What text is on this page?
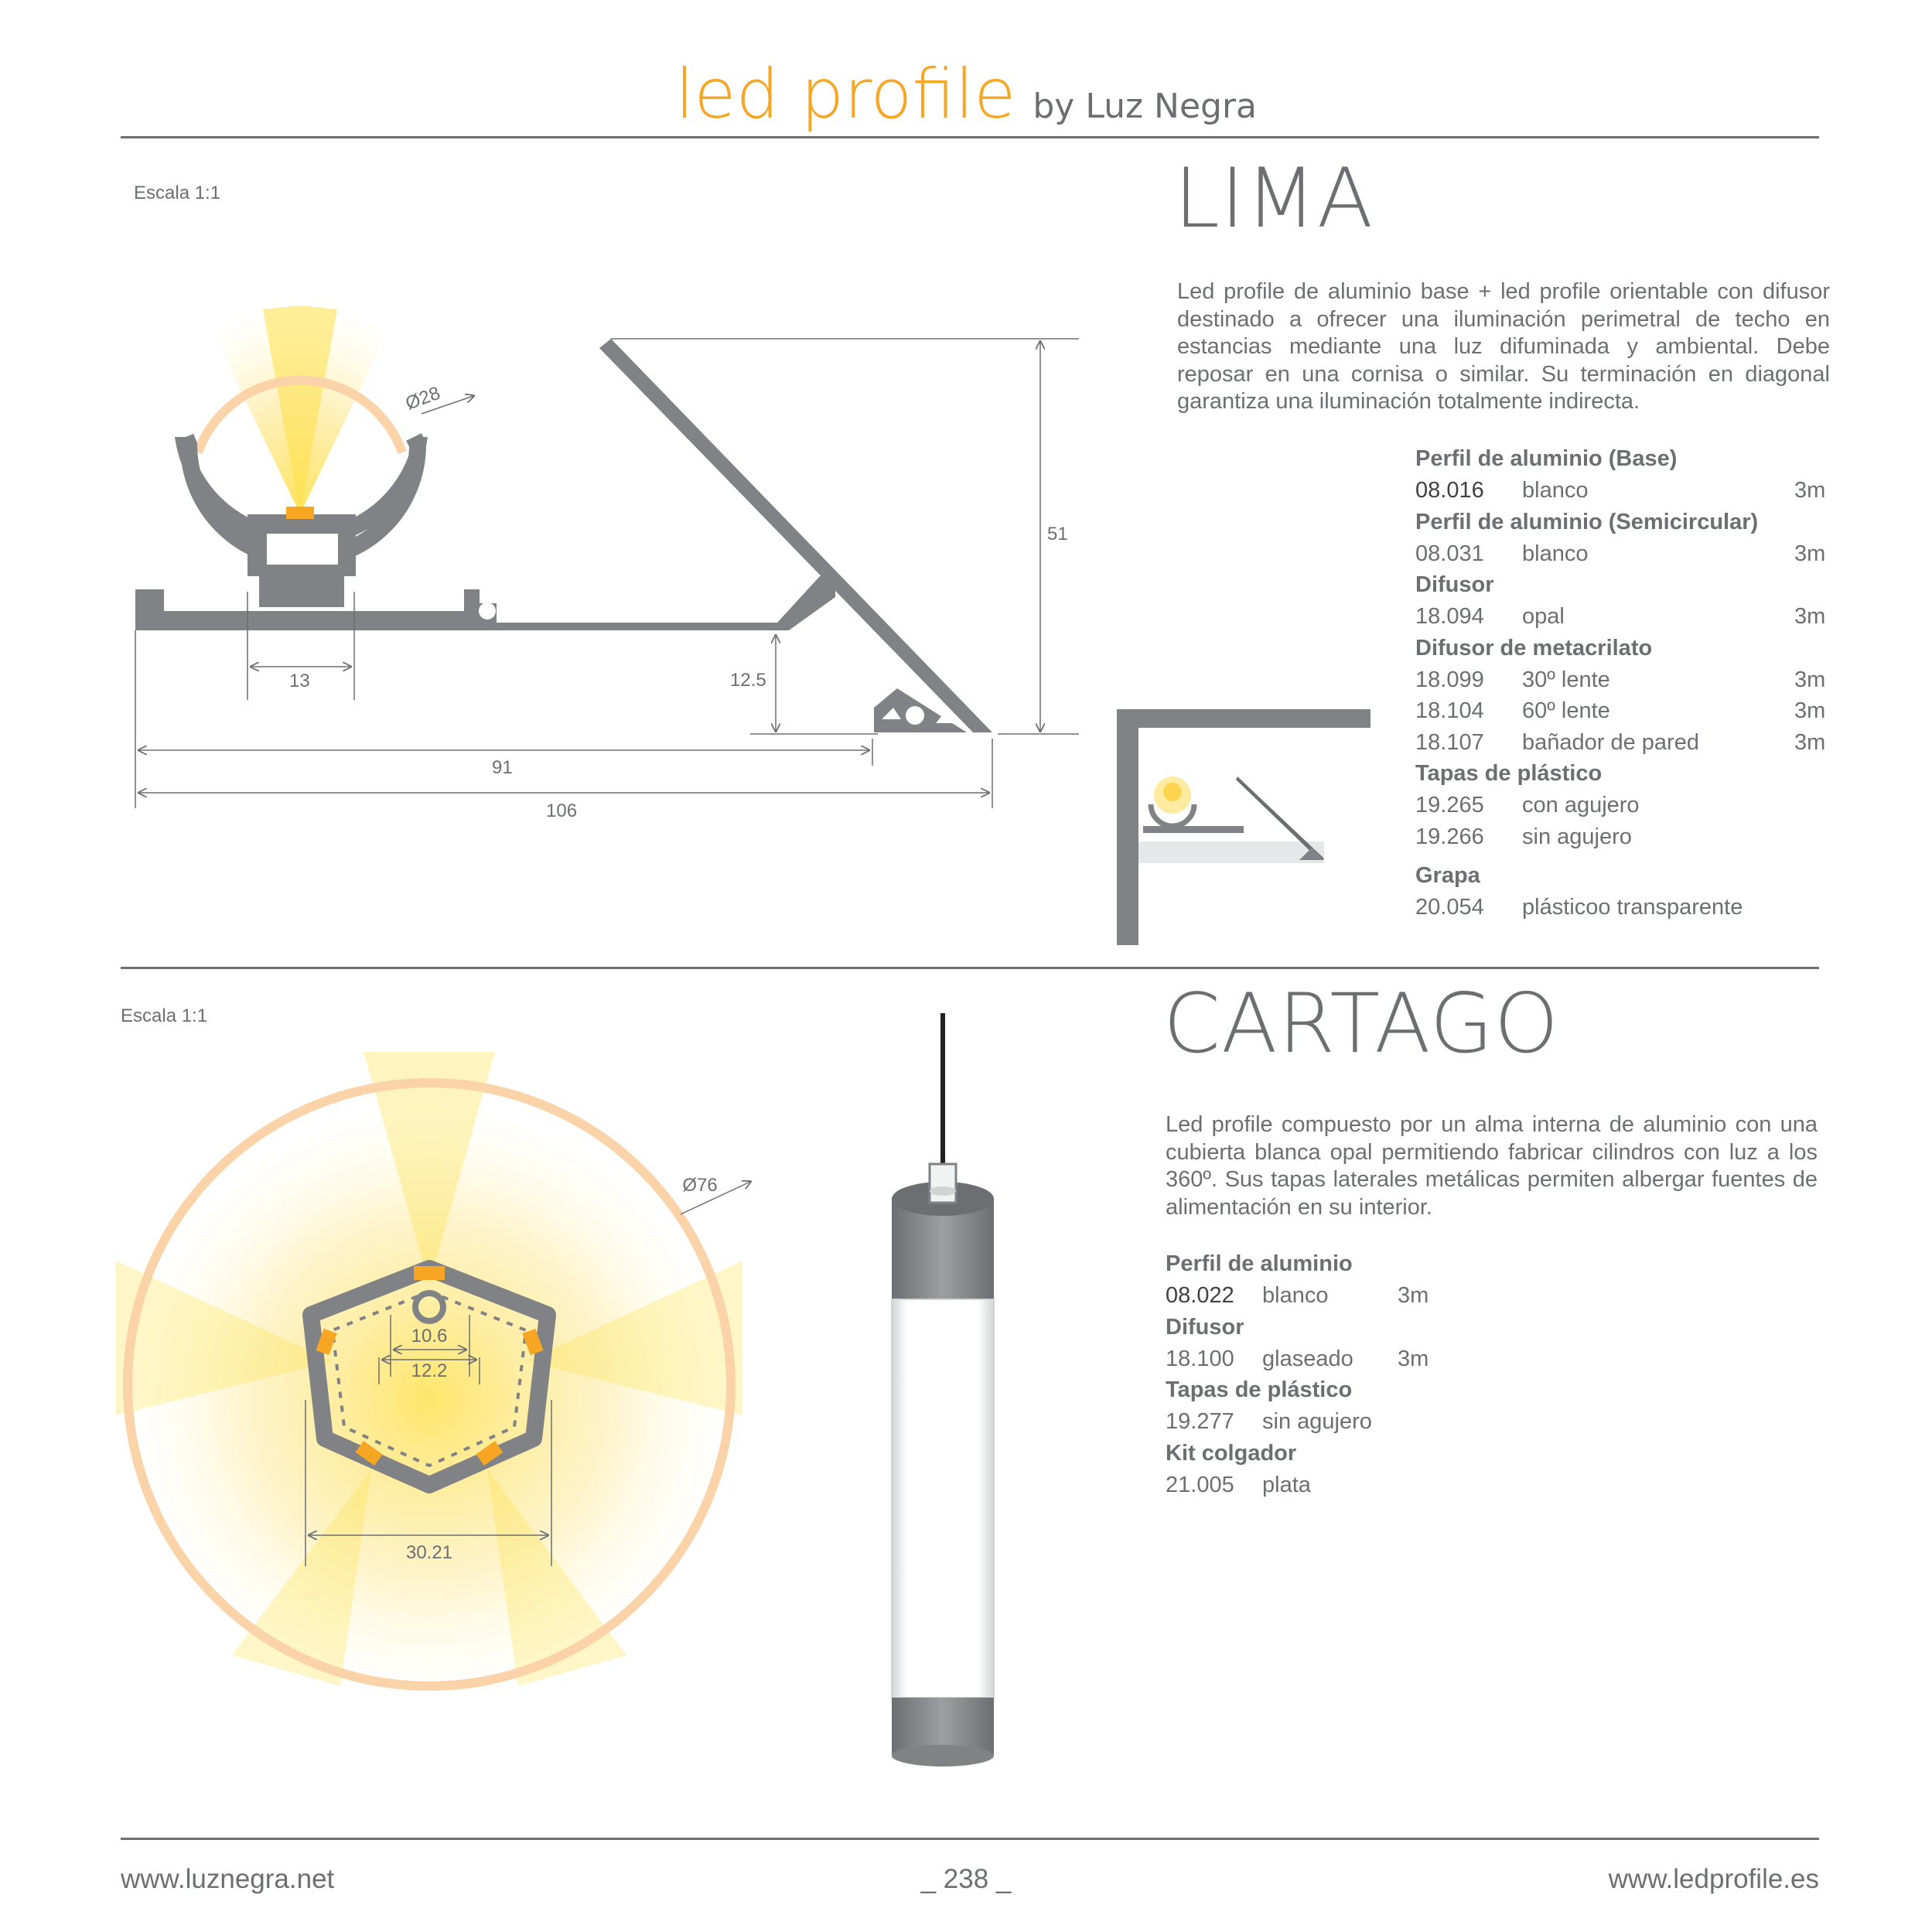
led profile by Luz Negra
Escala 1:1	LIMA
Led profile de aluminio base + led profile orientable con difusor destinado a ofrecer una iluminación perimetral de techo en estancias mediante una luz difuminada y ambiental. Debe reposar en una cornisa o similar. Su terminación en diagonal garantiza una iluminación totalmente indirecta.
Perfil de aluminio (Base)
08.016 blanco	3m
Perfil de aluminio (Semicircular)
08.031 blanco	3m
Difusor
18.094 opal	3m
Difusor de metacrilato
18.099 30º lente	3m
18.104 60º lente	3m
18.107 bañador de pared	3m
Tapas de plástico
19.265 con agujero
19.266 sin agujero
Grapa
20.054 plásticoo transparente
Ø28
13	12.5
51
91
106
Escala 1:1	CARTAGO
Led profile compuesto por un alma interna de aluminio con una cubierta blanca opal permitiendo fabricar cilindros con luz a los 360º. Sus tapas laterales metálicas permiten albergar fuentes de alimentación en su interior.
Perfil de aluminio
08.022 blanco	3m
Difusor
18.100 glaseado 3m
Tapas de plástico
19.277 sin agujero
Kit colgador
21.005 plata
Ø76
10.6
12.2
30.21
www.luznegra.net	_ 238 _	www.ledprofile.es
